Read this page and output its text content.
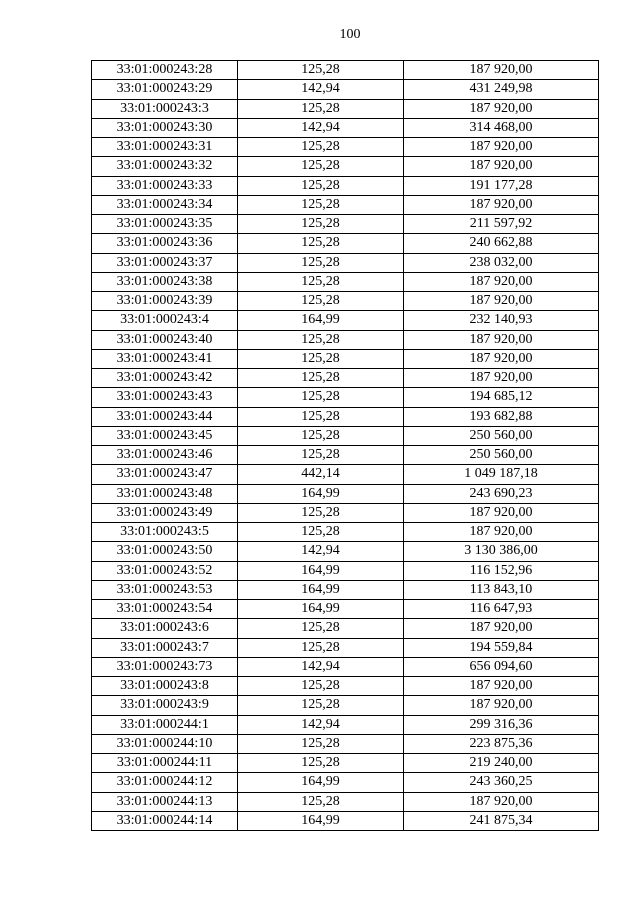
100
33:01:000243:28	125,28	187 920,00
33:01:000243:29	142,94	431 249,98
33:01:000243:3	125,28	187 920,00
33:01:000243:30	142,94	314 468,00
33:01:000243:31	125,28	187 920,00
33:01:000243:32	125,28	187 920,00
33:01:000243:33	125,28	191 177,28
33:01:000243:34	125,28	187 920,00
33:01:000243:35	125,28	211 597,92
33:01:000243:36	125,28	240 662,88
33:01:000243:37	125,28	238 032,00
33:01:000243:38	125,28	187 920,00
33:01:000243:39	125,28	187 920,00
33:01:000243:4	164,99	232 140,93
33:01:000243:40	125,28	187 920,00
33:01:000243:41	125,28	187 920,00
33:01:000243:42	125,28	187 920,00
33:01:000243:43	125,28	194 685,12
33:01:000243:44	125,28	193 682,88
33:01:000243:45	125,28	250 560,00
33:01:000243:46	125,28	250 560,00
33:01:000243:47	442,14	1 049 187,18
33:01:000243:48	164,99	243 690,23
33:01:000243:49	125,28	187 920,00
33:01:000243:5	125,28	187 920,00
33:01:000243:50	142,94	3 130 386,00
33:01:000243:52	164,99	116 152,96
33:01:000243:53	164,99	113 843,10
33:01:000243:54	164,99	116 647,93
33:01:000243:6	125,28	187 920,00
33:01:000243:7	125,28	194 559,84
33:01:000243:73	142,94	656 094,60
33:01:000243:8	125,28	187 920,00
33:01:000243:9	125,28	187 920,00
33:01:000244:1	142,94	299 316,36
33:01:000244:10	125,28	223 875,36
33:01:000244:11	125,28	219 240,00
33:01:000244:12	164,99	243 360,25
33:01:000244:13	125,28	187 920,00
33:01:000244:14	164,99	241 875,34
